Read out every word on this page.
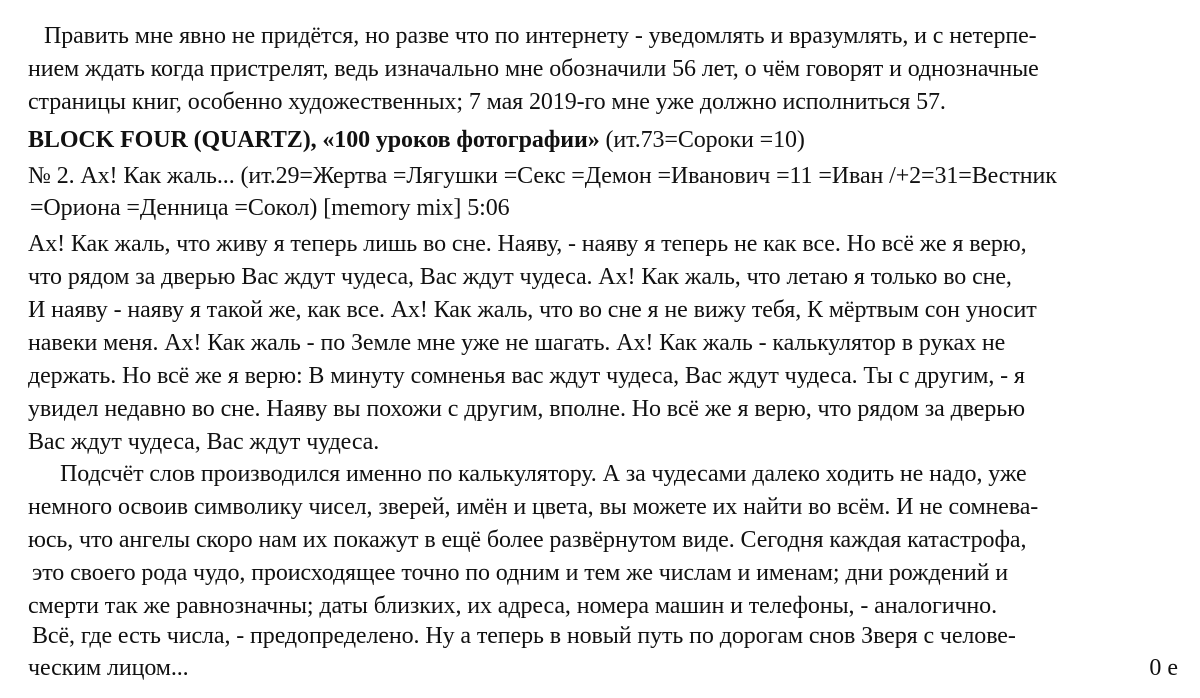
Править мне явно не придётся, но разве что по интернету - уведомлять и вразумлять, и с нетерпе-
нием ждать когда пристрелят, ведь изначально мне обозначили 56 лет, о чём говорят и однозначные
страницы книг, особенно художественных; 7 мая 2019-го мне уже должно исполниться 57.
BLOCK FOUR (QUARTZ), «100 уроков фотографии» (ит.73=Сороки =10)
№ 2. Ах! Как жаль... (ит.29=Жертва =Лягушки =Секс =Демон =Иванович =11 =Иван /+2=31=Вестник
=Ориона =Денница =Сокол) [memory mix] 5:06
Ах! Как жаль, что живу я теперь лишь во сне. Наяву, - наяву я теперь не как все. Но всё же я верю,
что рядом за дверью Вас ждут чудеса, Вас ждут чудеса. Ах! Как жаль, что летаю я только во сне,
И наяву - наяву я такой же, как все. Ах! Как жаль, что во сне я не вижу тебя, К мёртвым сон уносит
навеки меня. Ах! Как жаль - по Земле мне уже не шагать. Ах! Как жаль - калькулятор в руках не
держать. Но всё же я верю: В минуту сомненья вас ждут чудеса, Вас ждут чудеса. Ты с другим, - я
увидел недавно во сне. Наяву вы похожи с другим, вполне. Но всё же я верю, что рядом за дверью
Вас ждут чудеса, Вас ждут чудеса.
Подсчёт слов производился именно по калькулятору. А за чудесами далеко ходить не надо, уже
немного освоив символику чисел, зверей, имён и цвета, вы можете их найти во всём. И не сомнева-
юсь, что ангелы скоро нам их покажут в ещё более развёрнутом виде. Сегодня каждая катастрофа,
это своего рода чудо, происходящее точно по одним и тем же числам и именам; дни рождений и
смерти так же равнозначны; даты близких, их адреса, номера машин и телефоны, - аналогично.
Всё, где есть числа, - предопределено. Ну а теперь в новый путь по дорогам снов Зверя с челове-
ческим лицом...	0 е
